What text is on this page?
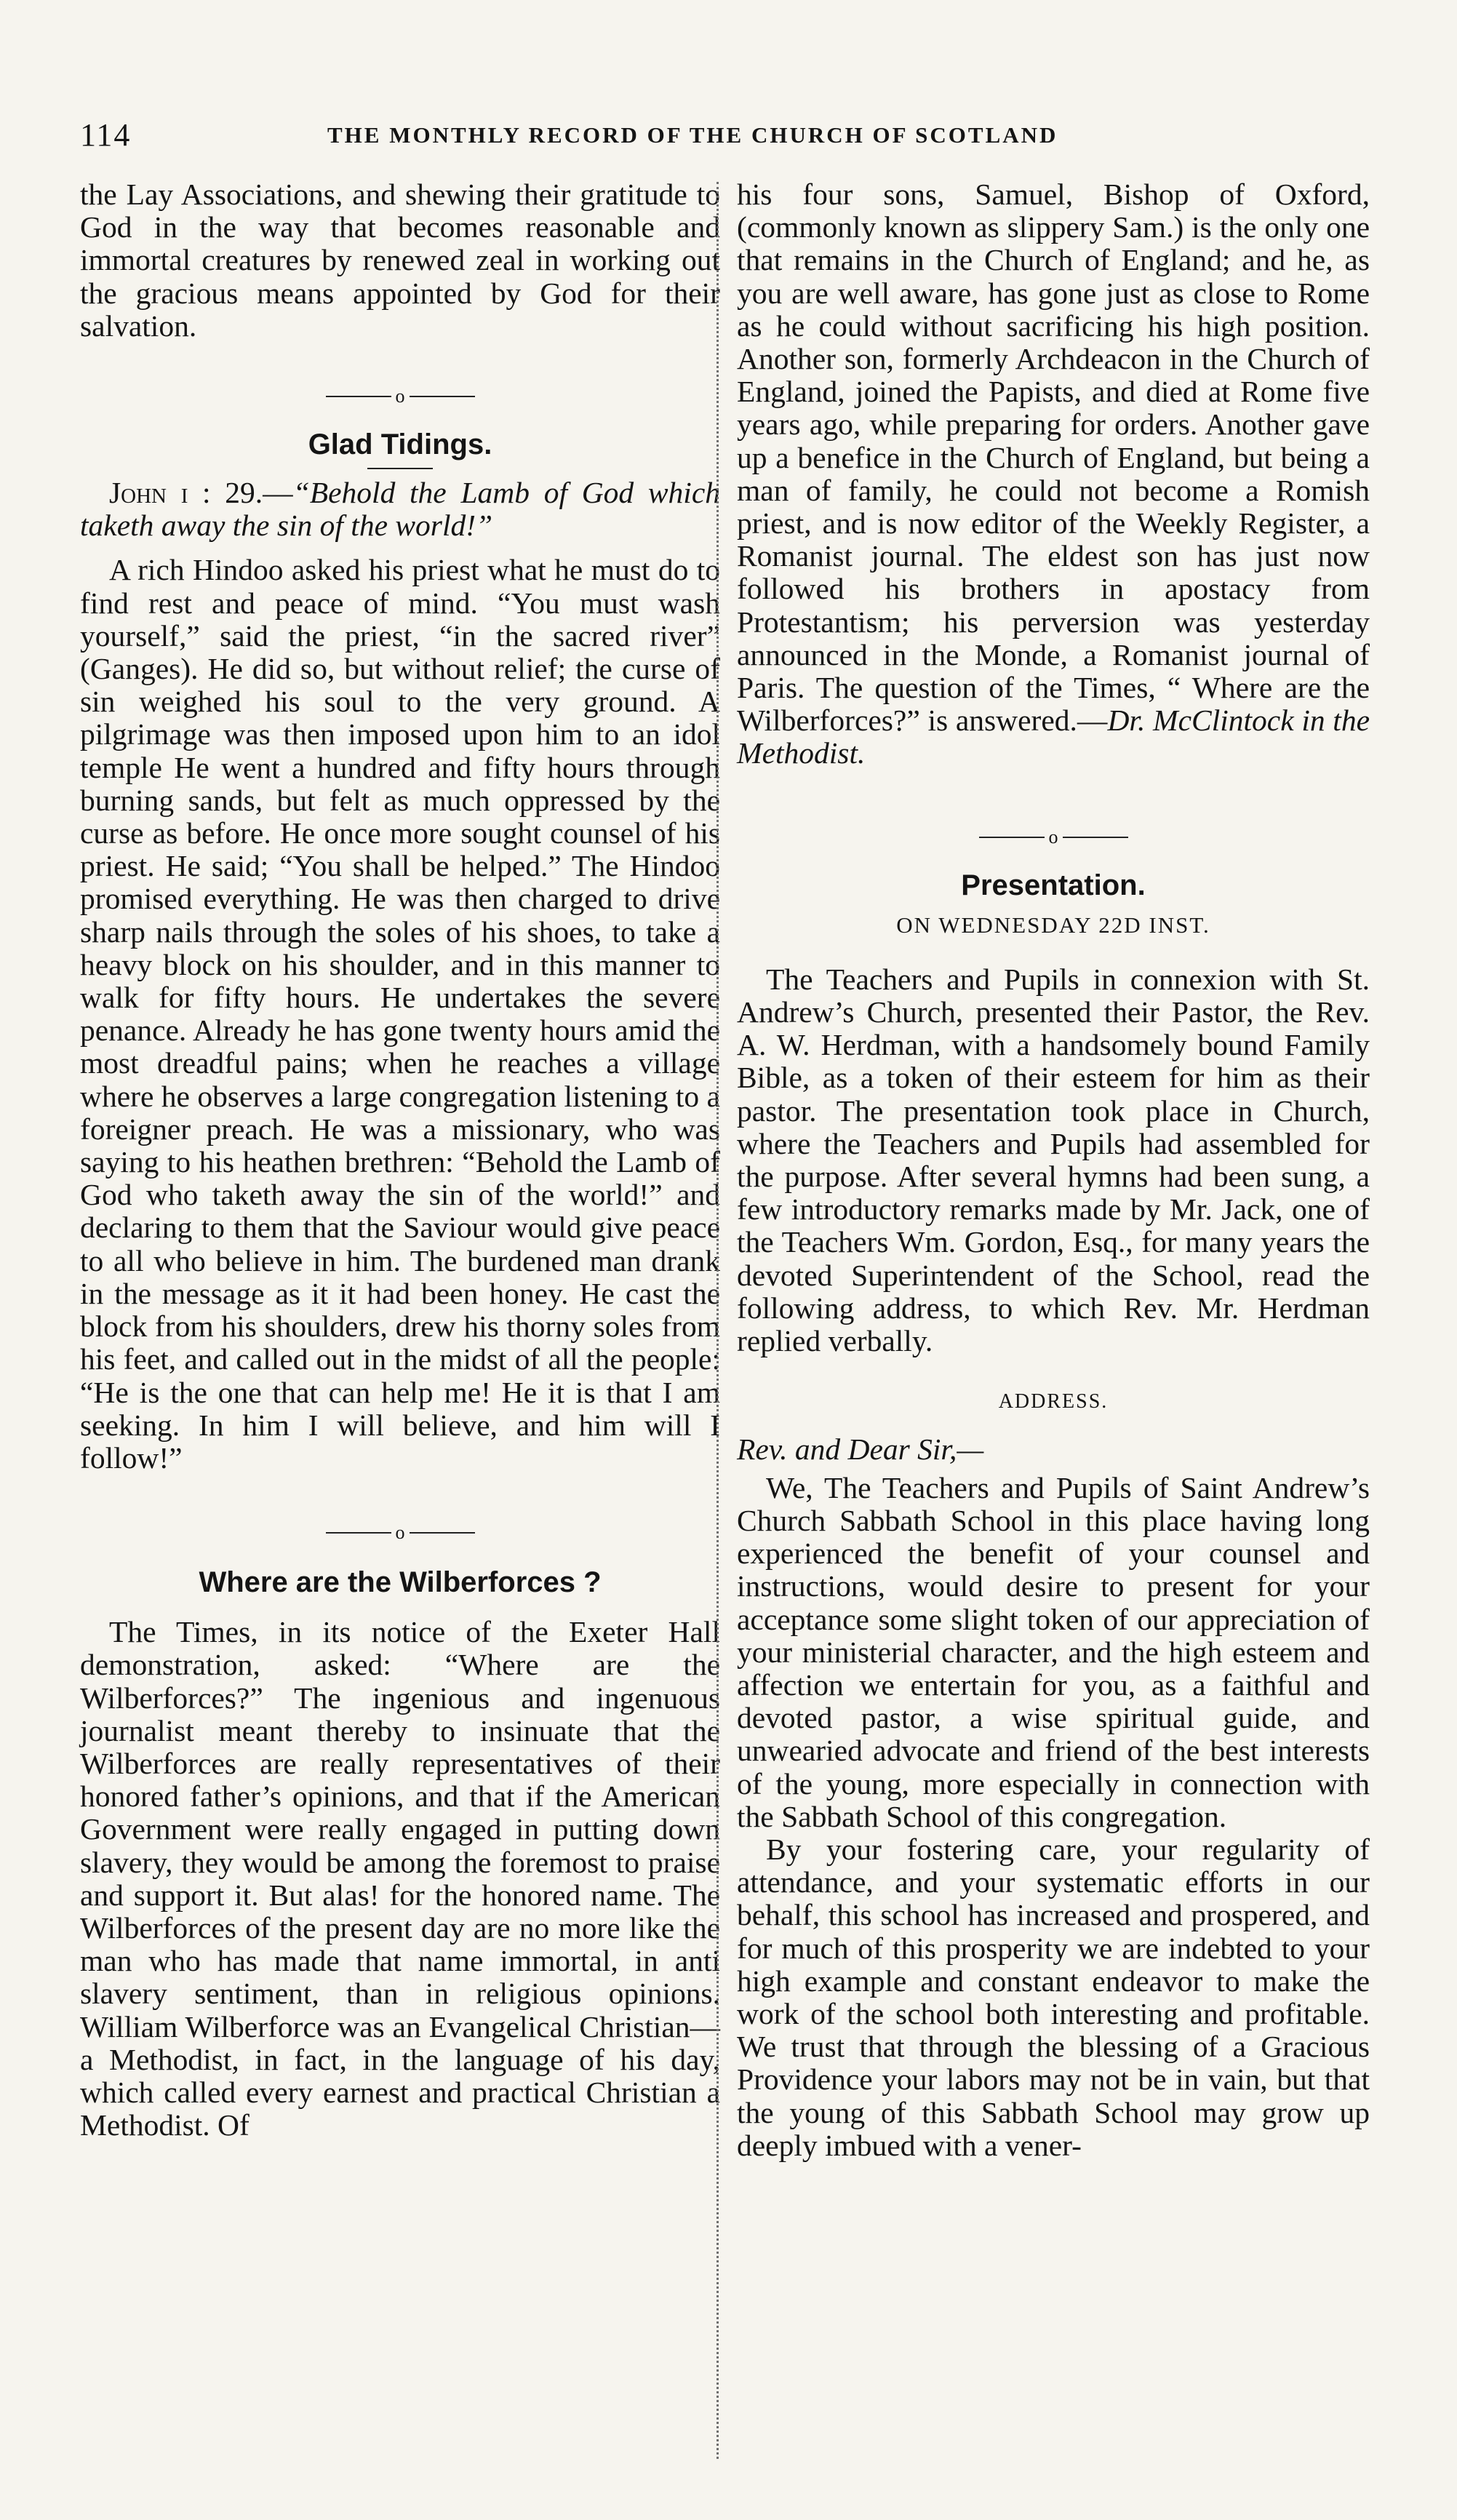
114	THE MONTHLY RECORD OF THE CHURCH OF SCOTLAND

the Lay Associations, and shewing their gratitude to God in the way that becomes reasonable and immortal creatures by renewed zeal in working out the gracious means appointed by God for their salvation.

o
Glad Tidings.

John i : 29.—“Behold the Lamb of God which taketh away the sin of the world!”

A rich Hindoo asked his priest what he must do to find rest and peace of mind. “You must wash yourself,” said the priest, “in the sacred river” (Ganges). He did so, but without relief; the curse of sin weighed his soul to the very ground. A pilgrimage was then imposed upon him to an idol temple He went a hundred and fifty hours through burning sands, but felt as much oppressed by the curse as before. He once more sought counsel of his priest. He said; “You shall be helped.” The Hindoo promised everything. He was then charged to drive sharp nails through the soles of his shoes, to take a heavy block on his shoulder, and in this manner to walk for fifty hours. He undertakes the severe penance. Already he has gone twenty hours amid the most dreadful pains; when he reaches a village where he observes a large congregation listening to a foreigner preach. He was a missionary, who was saying to his heathen brethren: “Behold the Lamb of God who taketh away the sin of the world!” and declaring to them that the Saviour would give peace to all who believe in him. The burdened man drank in the message as it it had been honey. He cast the block from his shoulders, drew his thorny soles from his feet, and called out in the midst of all the people: “He is the one that can help me! He it is that I am seeking. In him I will believe, and him will I follow!”

o
Where are the Wilberforces ?

The Times, in its notice of the Exeter Hall demonstration, asked: “Where are the Wilberforces?” The ingenious and ingenuous journalist meant thereby to insinuate that the Wilberforces are really representatives of their honored father’s opinions, and that if the American Government were really engaged in putting down slavery, they would be among the foremost to praise and support it. But alas! for the honored name. The Wilberforces of the present day are no more like the man who has made that name immortal, in anti slavery sentiment, than in religious opinions. William Wilberforce was an Evangelical Christian—a Methodist, in fact, in the language of his day, which called every earnest and practical Christian a Methodist. Of

his four sons, Samuel, Bishop of Oxford, (commonly known as slippery Sam.) is the only one that remains in the Church of England; and he, as you are well aware, has gone just as close to Rome as he could without sacrificing his high position. Another son, formerly Archdeacon in the Church of England, joined the Papists, and died at Rome five years ago, while preparing for orders. Another gave up a benefice in the Church of England, but being a man of family, he could not become a Romish priest, and is now editor of the Weekly Register, a Romanist journal. The eldest son has just now followed his brothers in apostacy from Protestantism; his perversion was yesterday announced in the Monde, a Romanist journal of Paris. The question of the Times, “ Where are the Wilberforces?” is answered.—Dr. McClintock in the Methodist.

o
Presentation.
ON WEDNESDAY 22D INST.

The Teachers and Pupils in connexion with St. Andrew’s Church, presented their Pastor, the Rev. A. W. Herdman, with a handsomely bound Family Bible, as a token of their esteem for him as their pastor. The presentation took place in Church, where the Teachers and Pupils had assembled for the purpose. After several hymns had been sung, a few introductory remarks made by Mr. Jack, one of the Teachers Wm. Gordon, Esq., for many years the devoted Superintendent of the School, read the following address, to which Rev. Mr. Herdman replied verbally.

ADDRESS.

Rev. and Dear Sir,—

We, The Teachers and Pupils of Saint Andrew’s Church Sabbath School in this place having long experienced the benefit of your counsel and instructions, would desire to present for your acceptance some slight token of our appreciation of your ministerial character, and the high esteem and affection we entertain for you, as a faithful and devoted pastor, a wise spiritual guide, and unwearied advocate and friend of the best interests of the young, more especially in connection with the Sabbath School of this congregation.

By your fostering care, your regularity of attendance, and your systematic efforts in our behalf, this school has increased and prospered, and for much of this prosperity we are indebted to your high example and constant endeavor to make the work of the school both interesting and profitable. We trust that through the blessing of a Gracious Providence your labors may not be in vain, but that the young of this Sabbath School may grow up deeply imbued with a vener-
